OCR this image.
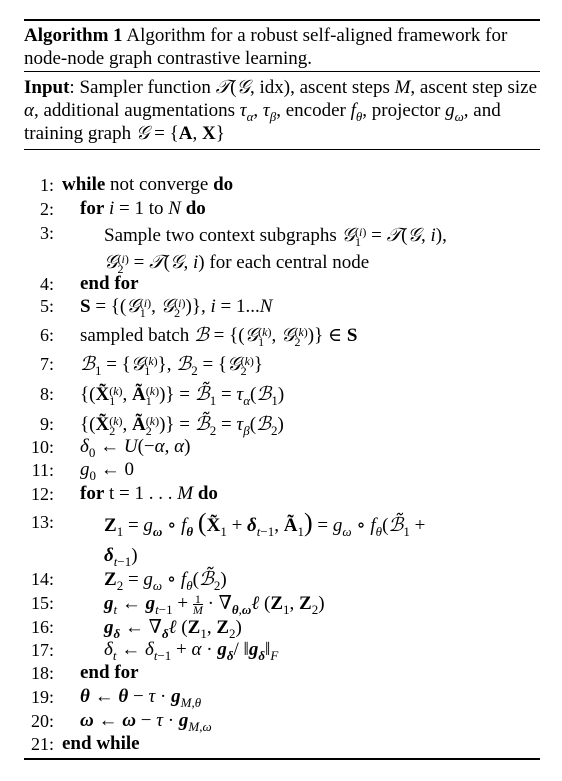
Algorithm 1 Algorithm for a robust self-aligned framework for node-node graph contrastive learning.
Input: Sampler function 𝒯(𝒢, idx), ascent steps M, ascent step size α, additional augmentations $\tau_\alpha$, $\tau_\beta$, encoder $f_\theta$, projector $g_\omega$, and training graph 𝒢 = {A, X}
1: while not converge do
2: for i = 1 to N do
3:	Sample two context subgraphs 𝒢 (i)
1 = 𝒯(𝒢, i),
𝒢 (i)
2 = 𝒯(𝒢, i) for each central node
4: end for
5: S = {(𝒢 (i)
1 , 𝒢 (i)
2 )}, i = 1...N
6: sampled batch ℬ = {(𝒢 (k)
1 , 𝒢 (k)
2 )} ∈ S
7: ℬ$_1$ = {𝒢 (k)
1 }, ℬ$_2$ = {𝒢 (k)
2 }
8: {(X̃ (k)
1 , Ã (k)
1 )} = $ℬ̃_1$ = $\tau_\alpha(ℬ_1)$
9: {(X̃ (k)
2 , Ã (k)
2 )} = $ℬ̃_2$ = $\tau_\beta(ℬ_2)$
10: $\delta_0$ ← U(−α, α)
11: $g_0$ ← 0
12: for t = 1 . . . M do
13:	$Z_1 = g_\omega$ ∘ $f_\theta$ ($X̃_1 + \delta_{t-1}$, $Ã_1) = g_\omega$ ∘ $f_\theta(ℬ̃_1$ +
$\delta_{t-1}$)
14:	$Z_2 = g_\omega$ ∘ $f_\theta(ℬ̃_2)$
15:	$g_t$ ← $g_{t-1} + \frac{1}{M}$ · $\nabla_{\theta,\omega}\ell$ ($Z_1$, $Z_2$)
16:	$g_\delta$ ← $\nabla_\delta\ell$ ($Z_1$, $Z_2$)
17:	$\delta_t$ ← $\delta_{t-1} + \alpha \cdot g_\delta/$ $‖g_\delta‖_F$
18: end for
19: θ ← $\theta - \tau \cdot g_{M,\theta}$
20: ω ← $\omega - \tau \cdot g_{M,\omega}$
21: end while
